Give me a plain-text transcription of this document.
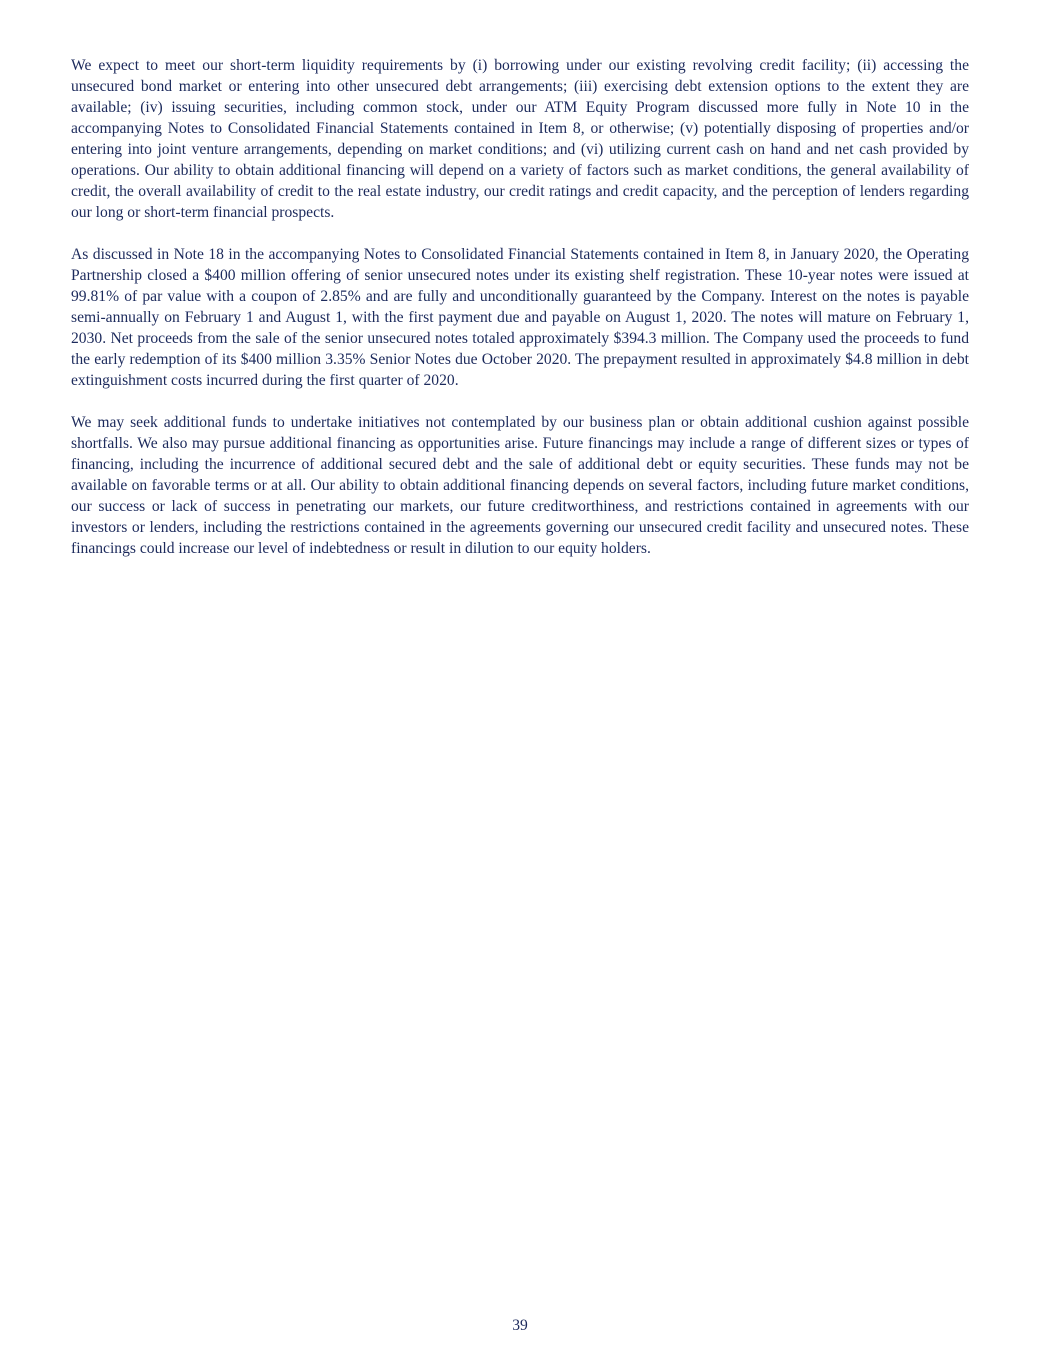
We expect to meet our short-term liquidity requirements by (i) borrowing under our existing revolving credit facility; (ii) accessing the unsecured bond market or entering into other unsecured debt arrangements; (iii) exercising debt extension options to the extent they are available; (iv) issuing securities, including common stock, under our ATM Equity Program discussed more fully in Note 10 in the accompanying Notes to Consolidated Financial Statements contained in Item 8, or otherwise; (v) potentially disposing of properties and/or entering into joint venture arrangements, depending on market conditions; and (vi) utilizing current cash on hand and net cash provided by operations. Our ability to obtain additional financing will depend on a variety of factors such as market conditions, the general availability of credit, the overall availability of credit to the real estate industry, our credit ratings and credit capacity, and the perception of lenders regarding our long or short-term financial prospects.

As discussed in Note 18 in the accompanying Notes to Consolidated Financial Statements contained in Item 8, in January 2020, the Operating Partnership closed a $400 million offering of senior unsecured notes under its existing shelf registration. These 10-year notes were issued at 99.81% of par value with a coupon of 2.85% and are fully and unconditionally guaranteed by the Company. Interest on the notes is payable semi-annually on February 1 and August 1, with the first payment due and payable on August 1, 2020. The notes will mature on February 1, 2030. Net proceeds from the sale of the senior unsecured notes totaled approximately $394.3 million. The Company used the proceeds to fund the early redemption of its $400 million 3.35% Senior Notes due October 2020. The prepayment resulted in approximately $4.8 million in debt extinguishment costs incurred during the first quarter of 2020.

We may seek additional funds to undertake initiatives not contemplated by our business plan or obtain additional cushion against possible shortfalls. We also may pursue additional financing as opportunities arise. Future financings may include a range of different sizes or types of financing, including the incurrence of additional secured debt and the sale of additional debt or equity securities. These funds may not be available on favorable terms or at all. Our ability to obtain additional financing depends on several factors, including future market conditions, our success or lack of success in penetrating our markets, our future creditworthiness, and restrictions contained in agreements with our investors or lenders, including the restrictions contained in the agreements governing our unsecured credit facility and unsecured notes. These financings could increase our level of indebtedness or result in dilution to our equity holders.

39
